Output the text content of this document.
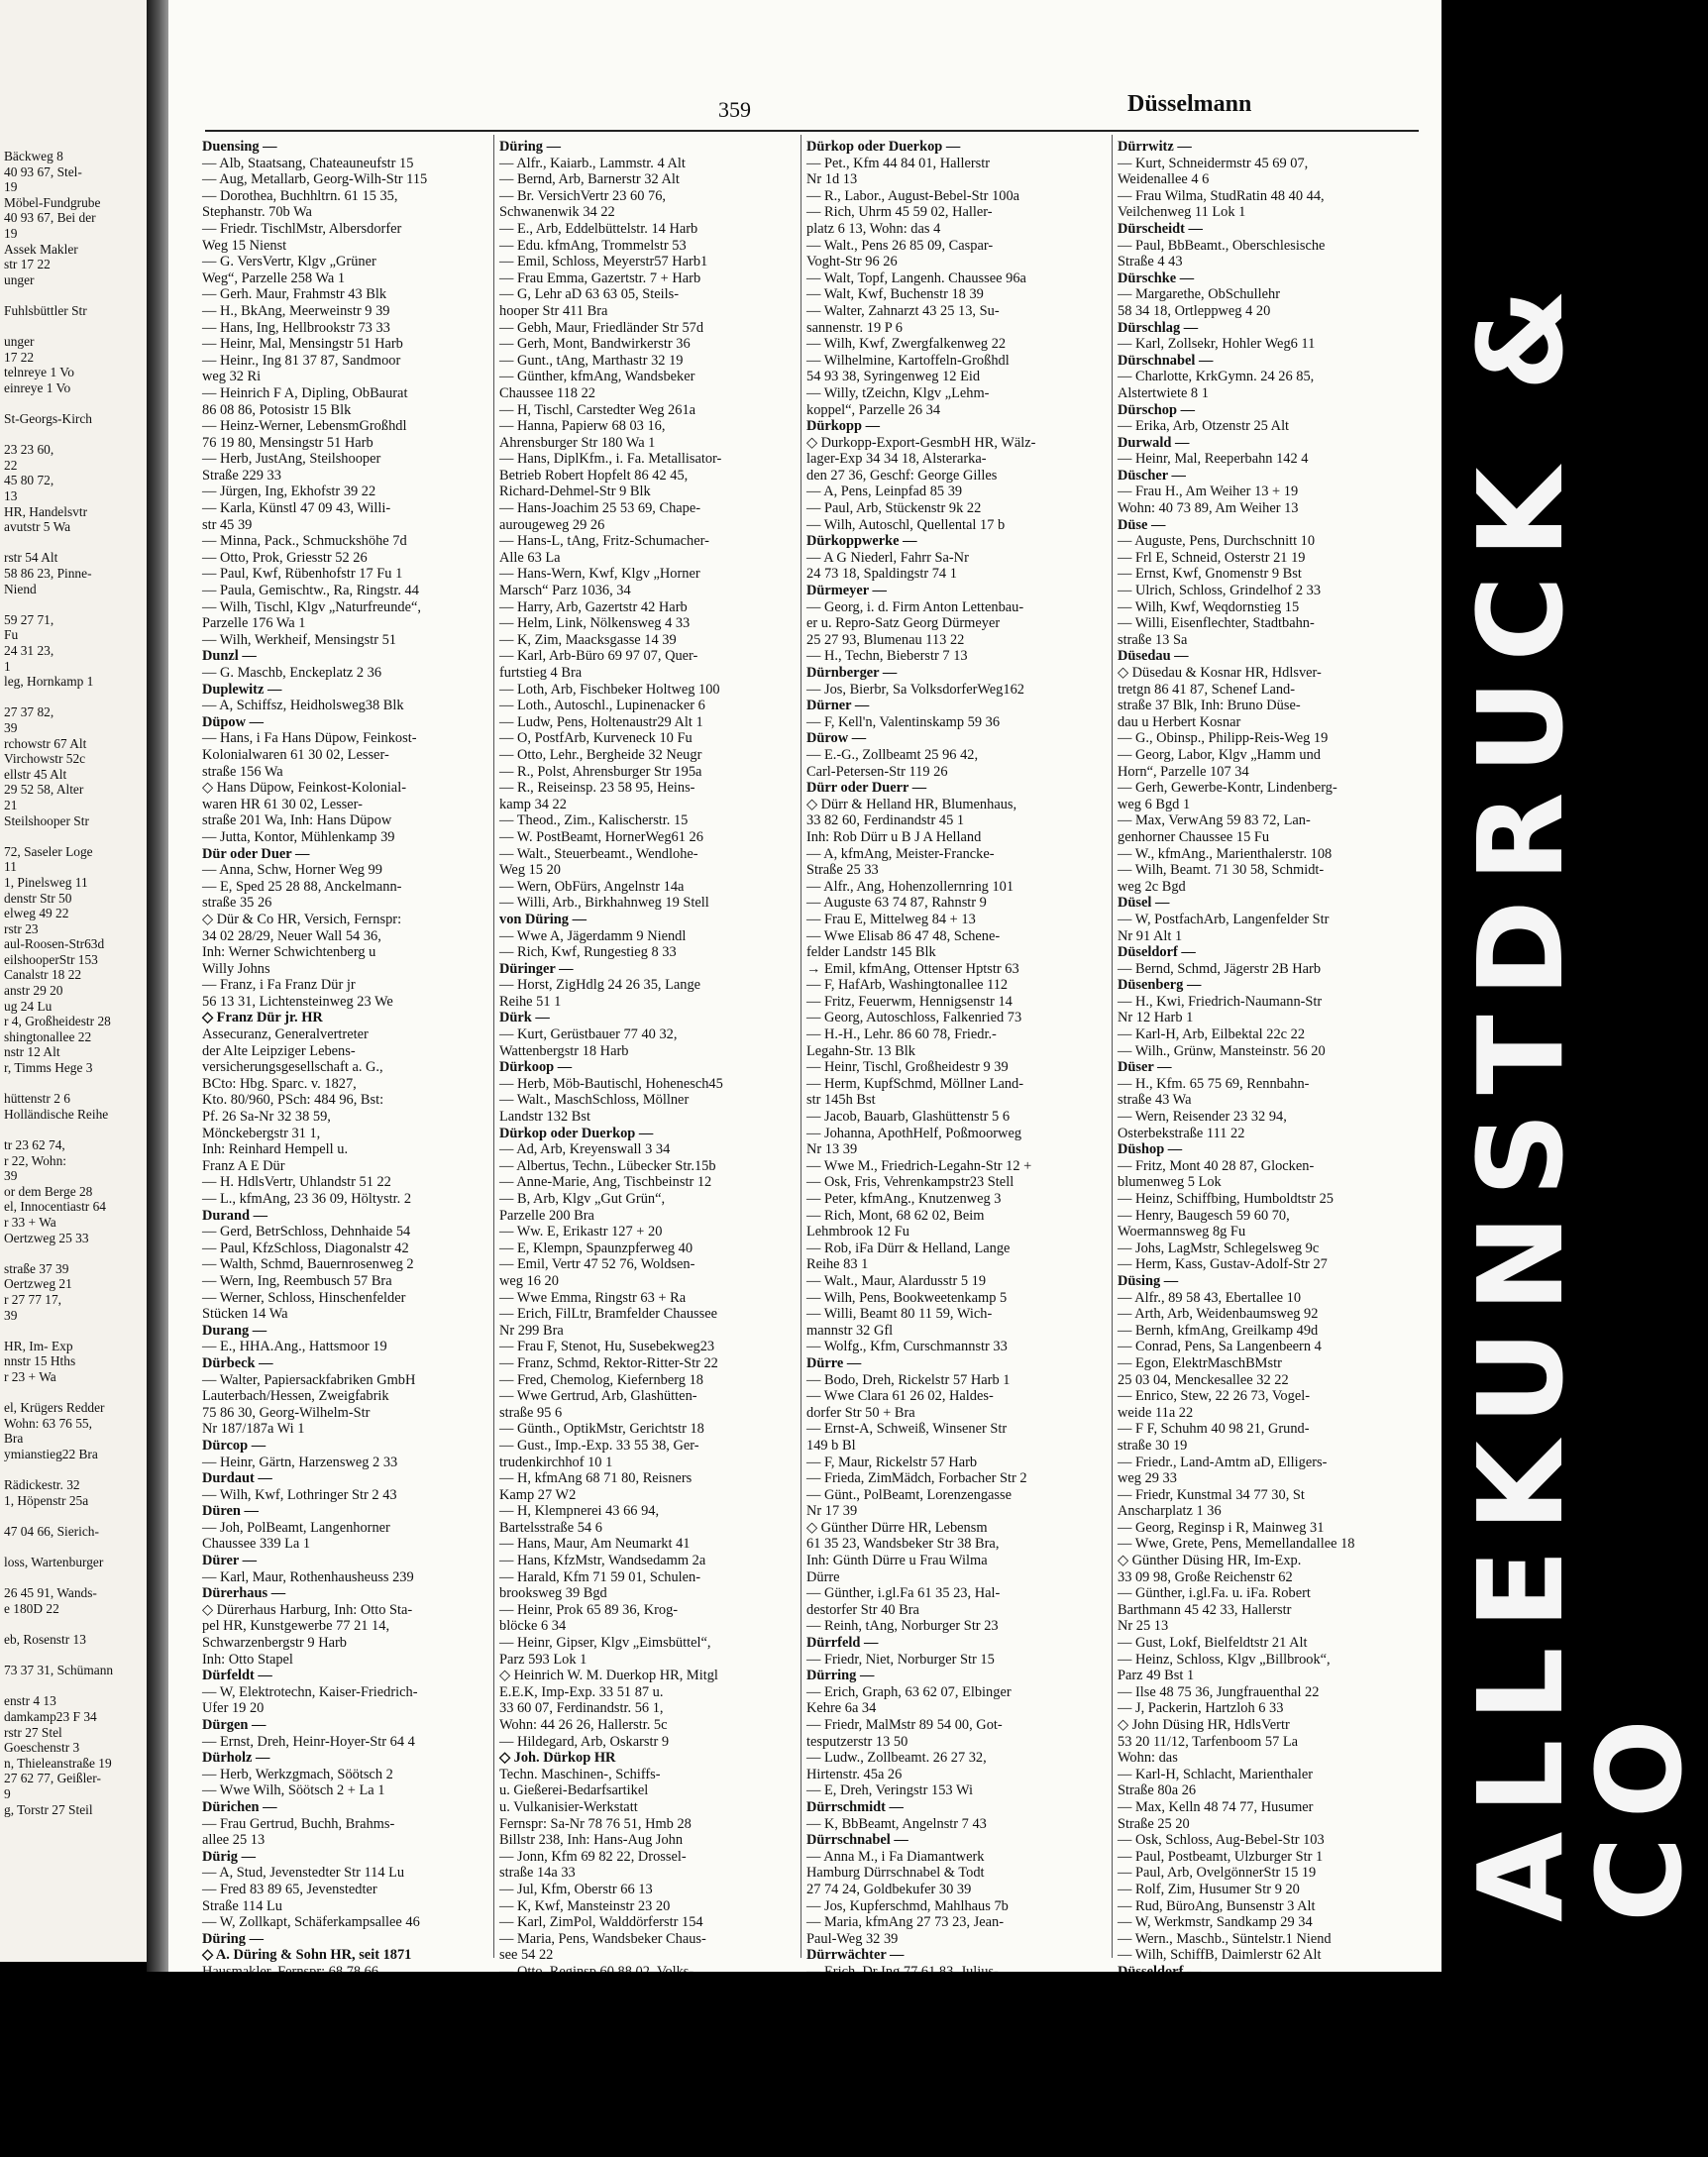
Bäckweg 8
40 93 67, Stel-
19
Möbel-Fundgrube
40 93 67, Bei der
19
Assek Makler
str 17 22
unger

Fuhlsbüttler Str

unger
17 22
telnreye 1 Vo
einreye 1 Vo

St-Georgs-Kirch

23 23 60,
22
45 80 72,
13
HR, Handelsvtr
avutstr 5 Wa

rstr 54 Alt
58 86 23, Pinne-
Niend

59 27 71,
Fu
24 31 23,
1
leg, Hornkamp 1

27 37 82,
39
rchowstr 67 Alt
Virchowstr 52c
ellstr 45 Alt
29 52 58, Alter
21
Steilshooper Str

72, Saseler Loge
11
1, Pinelsweg 11
denstr Str 50
elweg 49 22
rstr 23
aul-Roosen-Str63d
eilshooperStr 153
Canalstr 18 22
anstr 29 20
ug 24 Lu
r 4, Großheidestr 28
shingtonallee 22
nstr 12 Alt
r, Timms Hege 3

hüttenstr 2 6
Holländische Reihe

tr 23 62 74,
r 22, Wohn:
39
or dem Berge 28
el, Innocentiastr 64
r 33 + Wa
Oertzweg 25 33

straße 37 39
Oertzweg 21
r 27 77 17,
39

HR, Im- Exp
nnstr 15 Hths
r 23 + Wa

el, Krügers Redder
Wohn: 63 76 55,
Bra
ymianstieg22 Bra

Rädickestr. 32
1, Höpenstr 25a

47 04 66, Sierich-

loss, Wartenburger

26 45 91, Wands-
e 180D 22

eb, Rosenstr 13

73 37 31, Schümann

enstr 4 13
damkamp23 F 34
rstr 27 Stel
Goeschenstr 3
n, Thieleanstraße 19
27 62 77, Geißler-
9
g, Torstr 27 Steil
359	Düsselmann
Duensing —
— Alb, Staatsang, Chateauneufstr 15
— Aug, Metallarb, Georg-Wilh-Str 115
— Dorothea, Buchhltrn. 61 15 35,
Stephanstr. 70b Wa
— Friedr. TischlMstr, Albersdorfer
Weg 15 Nienst
— G. VersVertr, Klgv „Grüner
Weg“, Parzelle 258 Wa 1
— Gerh. Maur, Frahmstr 43 Blk
— H., BkAng, Meerweinstr 9 39
— Hans, Ing, Hellbrookstr 73 33
— Heinr, Mal, Mensingstr 51 Harb
— Heinr., Ing 81 37 87, Sandmoor
weg 32 Ri
— Heinrich F A, Dipling, ObBaurat
86 08 86, Potosistr 15 Blk
— Heinz-Werner, LebensmGroßhdl
76 19 80, Mensingstr 51 Harb
— Herb, JustAng, Steilshooper
Straße 229 33
— Jürgen, Ing, Ekhofstr 39 22
— Karla, Künstl 47 09 43, Willi-
str 45 39
— Minna, Pack., Schmuckshöhe 7d
— Otto, Prok, Griesstr 52 26
— Paul, Kwf, Rübenhofstr 17 Fu 1
— Paula, Gemischtw., Ra, Ringstr. 44
— Wilh, Tischl, Klgv „Naturfreunde“,
Parzelle 176 Wa 1
— Wilh, Werkheif, Mensingstr 51
Dunzl —
— G. Maschb, Enckeplatz 2 36
Duplewitz —
— A, Schiffsz, Heidholsweg38 Blk
Düpow —
— Hans, i Fa Hans Düpow, Feinkost-
Kolonialwaren 61 30 02, Lesser-
straße 156 Wa
◇ Hans Düpow, Feinkost-Kolonial-
waren HR 61 30 02, Lesser-
straße 201 Wa, Inh: Hans Düpow
— Jutta, Kontor, Mühlenkamp 39
Dür oder Duer —
— Anna, Schw, Horner Weg 99
— E, Sped 25 28 88, Anckelmann-
straße 35 26
◇ Dür & Co HR, Versich, Fernspr:
34 02 28/29, Neuer Wall 54 36,
Inh: Werner Schwichtenberg u
Willy Johns
— Franz, i Fa Franz Dür jr
56 13 31, Lichtensteinweg 23 We
◇ Franz Dür jr. HR
Assecuranz, Generalvertreter
der Alte Leipziger Lebens-
versicherungsgesellschaft a. G.,
BCto: Hbg. Sparc. v. 1827,
Kto. 80/960, PSch: 484 96, Bst:
Pf. 26 Sa-Nr 32 38 59,
Mönckebergstr 31 1,
Inh: Reinhard Hempell u.
Franz A E Dür
— H. HdlsVertr, Uhlandstr 51 22
— L., kfmAng, 23 36 09, Höltystr. 2
Durand —
— Gerd, BetrSchloss, Dehnhaide 54
— Paul, KfzSchloss, Diagonalstr 42
— Walth, Schmd, Bauernrosenweg 2
— Wern, Ing, Reembusch 57 Bra
— Werner, Schloss, Hinschenfelder
Stücken 14 Wa
Durang —
— E., HHA.Ang., Hattsmoor 19
Dürbeck —
— Walter, Papiersackfabriken GmbH
Lauterbach/Hessen, Zweigfabrik
75 86 30, Georg-Wilhelm-Str
Nr 187/187a Wi 1
Dürcop —
— Heinr, Gärtn, Harzensweg 2 33
Durdaut —
— Wilh, Kwf, Lothringer Str 2 43
Düren —
— Joh, PolBeamt, Langenhorner
Chaussee 339 La 1
Dürer —
— Karl, Maur, Rothenhausheuss 239
Dürerhaus —
◇ Dürerhaus Harburg, Inh: Otto Sta-
pel HR, Kunstgewerbe 77 21 14,
Schwarzenbergstr 9 Harb
Inh: Otto Stapel
Dürfeldt —
— W, Elektrotechn, Kaiser-Friedrich-
Ufer 19 20
Dürgen —
— Ernst, Dreh, Heinr-Hoyer-Str 64 4
Dürholz —
— Herb, Werkzgmach, Söötsch 2
— Wwe Wilh, Söötsch 2 + La 1
Dürichen —
— Frau Gertrud, Buchh, Brahms-
allee 25 13
Dürig —
— A, Stud, Jevenstedter Str 114 Lu
— Fred 83 89 65, Jevenstedter
Straße 114 Lu
— W, Zollkapt, Schäferkampsallee 46
Düring —
◇ A. Düring & Sohn HR, seit 1871
Düring —
— Alfr., Kaiarb., Lammstr. 4 Alt
— Bernd, Arb, Barnerstr 32 Alt
— Br. VersichVertr 23 60 76,
Schwanenwik 34 22
— E., Arb, Eddelbüttelstr. 14 Harb
— Edu. kfmAng, Trommelstr 53
— Emil, Schloss, Meyerstr57 Harb1
— Frau Emma, Gazertstr. 7 + Harb
— G, Lehr aD 63 63 05, Steils-
hooper Str 411 Bra
— Gebh, Maur, Friedländer Str 57d
— Gerh, Mont, Bandwirkerstr 36
— Gunt., tAng, Marthastr 32 19
— Günther, kfmAng, Wandsbeker
Chaussee 118 22
— H, Tischl, Carstedter Weg 261a
— Hanna, Papierw 68 03 16,
Ahrensburger Str 180 Wa 1
— Hans, DiplKfm., i. Fa. Metallisator-
Betrieb Robert Hopfelt 86 42 45,
Richard-Dehmel-Str 9 Blk
— Hans-Joachim 25 53 69, Chape-
aurougeweg 29 26
— Hans-L, tAng, Fritz-Schumacher-
Alle 63 La
— Hans-Wern, Kwf, Klgv „Horner
Marsch“ Parz 1036, 34
— Harry, Arb, Gazertstr 42 Harb
— Helm, Link, Nölkensweg 4 33
— K, Zim, Maacksgasse 14 39
— Karl, Arb-Büro 69 97 07, Quer-
furtstieg 4 Bra
— Loth, Arb, Fischbeker Holtweg 100
— Loth., Autoschl., Lupinenacker 6
— Ludw, Pens, Holtenaustr29 Alt 1
— O, PostfArb, Kurveneck 10 Fu
— Otto, Lehr., Bergheide 32 Neugr
— R., Polst, Ahrensburger Str 195a
— R., Reiseinsp. 23 58 95, Heins-
kamp 34 22
— Theod., Zim., Kalischerstr. 15
— W. PostBeamt, HornerWeg61 26
— Walt., Steuerbeamt., Wendlohe-
Weg 15 20
— Wern, ObFürs, Angelnstr 14a
— Willi, Arb., Birkhahnweg 19 Stell
von Düring —
— Wwe A, Jägerdamm 9 Niendl
— Rich, Kwf, Rungestieg 8 33
Düringer —
— Horst, ZigHdlg 24 26 35, Lange
Reihe 51 1
Dürk —
— Kurt, Gerüstbauer 77 40 32,
Wattenbergstr 18 Harb
Dürkoop —
— Herb, Möb-Bautischl, Hohenesch45
— Walt., MaschSchloss, Möllner
Landstr 132 Bst
Dürkop oder Duerkop —
— Ad, Arb, Kreyenswall 3 34
— Albertus, Techn., Lübecker Str.15b
— Anne-Marie, Ang, Tischbeinstr 12
— B, Arb, Klgv „Gut Grün“,
Parzelle 200 Bra
— Ww. E, Erikastr 127 + 20
— E, Klempn, Spaunzpferweg 40
— Emil, Vertr 47 52 76, Woldsen-
weg 16 20
— Wwe Emma, Ringstr 63 + Ra
— Erich, FilLtr, Bramfelder Chaussee
Nr 299 Bra
— Frau F, Stenot, Hu, Susebekweg23
— Franz, Schmd, Rektor-Ritter-Str 22
— Fred, Chemolog, Kiefernberg 18
— Wwe Gertrud, Arb, Glashütten-
straße 95 6
— Günth., OptikMstr, Gerichtstr 18
— Gust., Imp.-Exp. 33 55 38, Ger-
trudenkirchhof 10 1
— H, kfmAng 68 71 80, Reisners
Kamp 27 W2
— H, Klempnerei 43 66 94,
Bartelsstraße 54 6
— Hans, Maur, Am Neumarkt 41
— Hans, KfzMstr, Wandsedamm 2a
— Harald, Kfm 71 59 01, Schulen-
brooksweg 39 Bgd
— Heinr, Prok 65 89 36, Krog-
blöcke 6 34
— Heinr, Gipser, Klgv „Eimsbüttel“,
Parz 593 Lok 1
◇ Heinrich W. M. Duerkop HR, Mitgl
E.E.K, Imp-Exp. 33 51 87 u.
33 60 07, Ferdinandstr. 56 1,
Wohn: 44 26 26, Hallerstr. 5c
— Hildegard, Arb, Oskarstr 9
◇ Joh. Dürkop HR
Techn. Maschinen-, Schiffs-
u. Gießerei-Bedarfsartikel
u. Vulkanisier-Werkstatt
Fernspr: Sa-Nr 78 76 51, Hmb 28
Billstr 238, Inh: Hans-Aug John
— Jonn, Kfm 69 82 22, Drossel-
straße 14a 33
— Jul, Kfm, Oberstr 66 13
— K, Kwf, Mansteinstr 23 20
— Karl, ZimPol, Walddörferstr 154
— Maria, Pens, Wandsbeker Chaus-
see 54 22
Dürkop oder Duerkop —
— Pet., Kfm 44 84 01, Hallerstr
Nr 1d 13
— R., Labor., August-Bebel-Str 100a
— Rich, Uhrm 45 59 02, Haller-
platz 6 13, Wohn: das 4
— Walt., Pens 26 85 09, Caspar-
Voght-Str 96 26
— Walt, Topf, Langenh. Chaussee 96a
— Walt, Kwf, Buchenstr 18 39
— Walter, Zahnarzt 43 25 13, Su-
sannenstr. 19 P 6
— Wilh, Kwf, Zwergfalkenweg 22
— Wilhelmine, Kartoffeln-Großhdl
54 93 38, Syringenweg 12 Eid
— Willy, tZeichn, Klgv „Lehm-
koppel“, Parzelle 26 34
Dürkopp —
◇ Durkopp-Export-GesmbH HR, Wälz-
lager-Exp 34 34 18, Alsterarka-
den 27 36, Geschf: George Gilles
— A, Pens, Leinpfad 85 39
— Paul, Arb, Stückenstr 9k 22
— Wilh, Autoschl, Quellental 17 b
Dürkoppwerke —
— A G Niederl, Fahrr Sa-Nr
24 73 18, Spaldingstr 74 1
Dürmeyer —
— Georg, i. d. Firm Anton Lettenbau-
er u. Repro-Satz Georg Dürmeyer
25 27 93, Blumenau 113 22
— H., Techn, Bieberstr 7 13
Dürnberger —
— Jos, Bierbr, Sa VolksdorferWeg162
Dürner —
— F, Kell'n, Valentinskamp 59 36
Dürow —
— E.-G., Zollbeamt 25 96 42,
Carl-Petersen-Str 119 26
Dürr oder Duerr —
◇ Dürr & Helland HR, Blumenhaus,
33 82 60, Ferdinandstr 45 1
Inh: Rob Dürr u B J A Helland
— A, kfmAng, Meister-Francke-
Straße 25 33
— Alfr., Ang, Hohenzollernring 101
— Auguste 63 74 87, Rahnstr 9
— Frau E, Mittelweg 84 + 13
— Wwe Elisab 86 47 48, Schene-
felder Landstr 145 Blk
→ Emil, kfmAng, Ottenser Hptstr 63
— F, HafArb, Washingtonallee 112
— Fritz, Feuerwm, Hennigsenstr 14
— Georg, Autoschloss, Falkenried 73
— H.-H., Lehr. 86 60 78, Friedr.-
Legahn-Str. 13 Blk
— Heinr, Tischl, Großheidestr 9 39
— Herm, KupfSchmd, Möllner Land-
str 145h Bst
— Jacob, Bauarb, Glashüttenstr 5 6
— Johanna, ApothHelf, Poßmoorweg
Nr 13 39
— Wwe M., Friedrich-Legahn-Str 12 +
— Osk, Fris, Vehrenkampstr23 Stell
— Peter, kfmAng., Knutzenweg 3
— Rich, Mont, 68 62 02, Beim
Lehmbrook 12 Fu
— Rob, iFa Dürr & Helland, Lange
Reihe 83 1
— Walt., Maur, Alardusstr 5 19
— Wilh, Pens, Bookweetenkamp 5
— Willi, Beamt 80 11 59, Wich-
mannstr 32 Gfl
— Wolfg., Kfm, Curschmannstr 33
Dürre —
— Bodo, Dreh, Rickelstr 57 Harb 1
— Wwe Clara 61 26 02, Haldes-
dorfer Str 50 + Bra
— Ernst-A, Schweiß, Winsener Str
149 b Bl
— F, Maur, Rickelstr 57 Harb
— Frieda, ZimMädch, Forbacher Str 2
— Günt., PolBeamt, Lorenzengasse
Nr 17 39
◇ Günther Dürre HR, Lebensm
61 35 23, Wandsbeker Str 38 Bra,
Inh: Günth Dürre u Frau Wilma
Dürre
— Günther, i.gl.Fa 61 35 23, Hal-
destorfer Str 40 Bra
— Reinh, tAng, Norburger Str 23
Dürrfeld —
— Friedr, Niet, Norburger Str 15
Dürring —
— Erich, Graph, 63 62 07, Elbinger
Kehre 6a 34
— Friedr, MalMstr 89 54 00, Got-
tesputzerstr 13 50
— Ludw., Zollbeamt. 26 27 32,
Hirtenstr. 45a 26
— E, Dreh, Veringstr 153 Wi
Dürrschmidt —
— K, BbBeamt, Angelnstr 7 43
Dürrschnabel —
— Anna M., i Fa Diamantwerk
Hamburg Dürrschnabel & Todt
27 74 24, Goldbekufer 30 39
— Jos, Kupferschmd, Mahlhaus 7b
— Maria, kfmAng 27 73 23, Jean-
Paul-Weg 32 39
Dürrwächter —
Dürrwitz —
— Kurt, Schneidermstr 45 69 07,
Weidenallee 4 6
— Frau Wilma, StudRatin 48 40 44,
Veilchenweg 11 Lok 1
Dürscheidt —
— Paul, BbBeamt., Oberschlesische
Straße 4 43
Dürschke —
— Margarethe, ObSchullehr
58 34 18, Ortleppweg 4 20
Dürschlag —
— Karl, Zollsekr, Hohler Weg6 11
Dürschnabel —
— Charlotte, KrkGymn. 24 26 85,
Alstertwiete 8 1
Dürschop —
— Erika, Arb, Otzenstr 25 Alt
Durwald —
— Heinr, Mal, Reeperbahn 142 4
Düscher —
— Frau H., Am Weiher 13 + 19
Wohn: 40 73 89, Am Weiher 13
Düse —
— Auguste, Pens, Durchschnitt 10
— Frl E, Schneid, Osterstr 21 19
— Ernst, Kwf, Gnomenstr 9 Bst
— Ulrich, Schloss, Grindelhof 2 33
— Wilh, Kwf, Weqdornstieg 15
— Willi, Eisenflechter, Stadtbahn-
straße 13 Sa
Düsedau —
◇ Düsedau & Kosnar HR, Hdlsver-
tretgn 86 41 87, Schenef Land-
straße 37 Blk, Inh: Bruno Düse-
dau u Herbert Kosnar
— G., Obinsp., Philipp-Reis-Weg 19
— Georg, Labor, Klgv „Hamm und
Horn“, Parzelle 107 34
— Gerh, Gewerbe-Kontr, Lindenberg-
weg 6 Bgd 1
— Max, VerwAng 59 83 72, Lan-
genhorner Chaussee 15 Fu
— W., kfmAng., Marienthalerstr. 108
— Wilh, Beamt. 71 30 58, Schmidt-
weg 2c Bgd
Düsel —
— W, PostfachArb, Langenfelder Str
Nr 91 Alt 1
Düseldorf —
— Bernd, Schmd, Jägerstr 2B Harb
Düsenberg —
— H., Kwi, Friedrich-Naumann-Str
Nr 12 Harb 1
— Karl-H, Arb, Eilbektal 22c 22
— Wilh., Grünw, Mansteinstr. 56 20
Düser —
— H., Kfm. 65 75 69, Rennbahn-
straße 43 Wa
— Wern, Reisender 23 32 94,
Osterbekstraße 111 22
Düshop —
— Fritz, Mont 40 28 87, Glocken-
blumenweg 5 Lok
— Heinz, Schiffbing, Humboldtstr 25
— Henry, Baugesch 59 60 70,
Woermannsweg 8g Fu
— Johs, LagMstr, Schlegelsweg 9c
— Herm, Kass, Gustav-Adolf-Str 27
Düsing —
— Alfr., 89 58 43, Ebertallee 10
— Arth, Arb, Weidenbaumsweg 92
— Bernh, kfmAng, Greilkamp 49d
— Conrad, Pens, Sa Langenbeern 4
— Egon, ElektrMaschBMstr
25 03 04, Menckesallee 32 22
— Enrico, Stew, 22 26 73, Vogel-
weide 11a 22
— F F, Schuhm 40 98 21, Grund-
straße 30 19
— Friedr., Land-Amtm aD, Elligers-
weg 29 33
— Friedr, Kunstmal 34 77 30, St
Anscharplatz 1 36
— Georg, Reginsp i R, Mainweg 31
— Wwe, Grete, Pens, Memellandallee 18
◇ Günther Düsing HR, Im-Exp.
33 09 98, Große Reichenstr 62
— Günther, i.gl.Fa. u. iFa. Robert
Barthmann 45 42 33, Hallerstr
Nr 25 13
— Gust, Lokf, Bielfeldtstr 21 Alt
— Heinz, Schloss, Klgv „Billbrook“,
Parz 49 Bst 1
— Ilse 48 75 36, Jungfrauenthal 22
— J, Packerin, Hartzloh 6 33
◇ John Düsing HR, HdlsVertr
53 20 11/12, Tarfenboom 57 La
Wohn: das
— Karl-H, Schlacht, Marienthaler
Straße 80a 26
— Max, Kelln 48 74 77, Husumer
Straße 25 20
— Osk, Schloss, Aug-Bebel-Str 103
— Paul, Postbeamt, Ulzburger Str 1
— Paul, Arb, OvelgönnerStr 15 19
— Rolf, Zim, Husumer Str 9 20
— Rud, BüroAng, Bunsenstr 3 Alt
— W, Werkmstr, Sandkamp 29 34
— Wern., Maschb., Süntelstr.1 Niend
— Wilh, SchiffB, Daimlerstr 62 Alt
ALLEKUNSTDRUCK & CO
